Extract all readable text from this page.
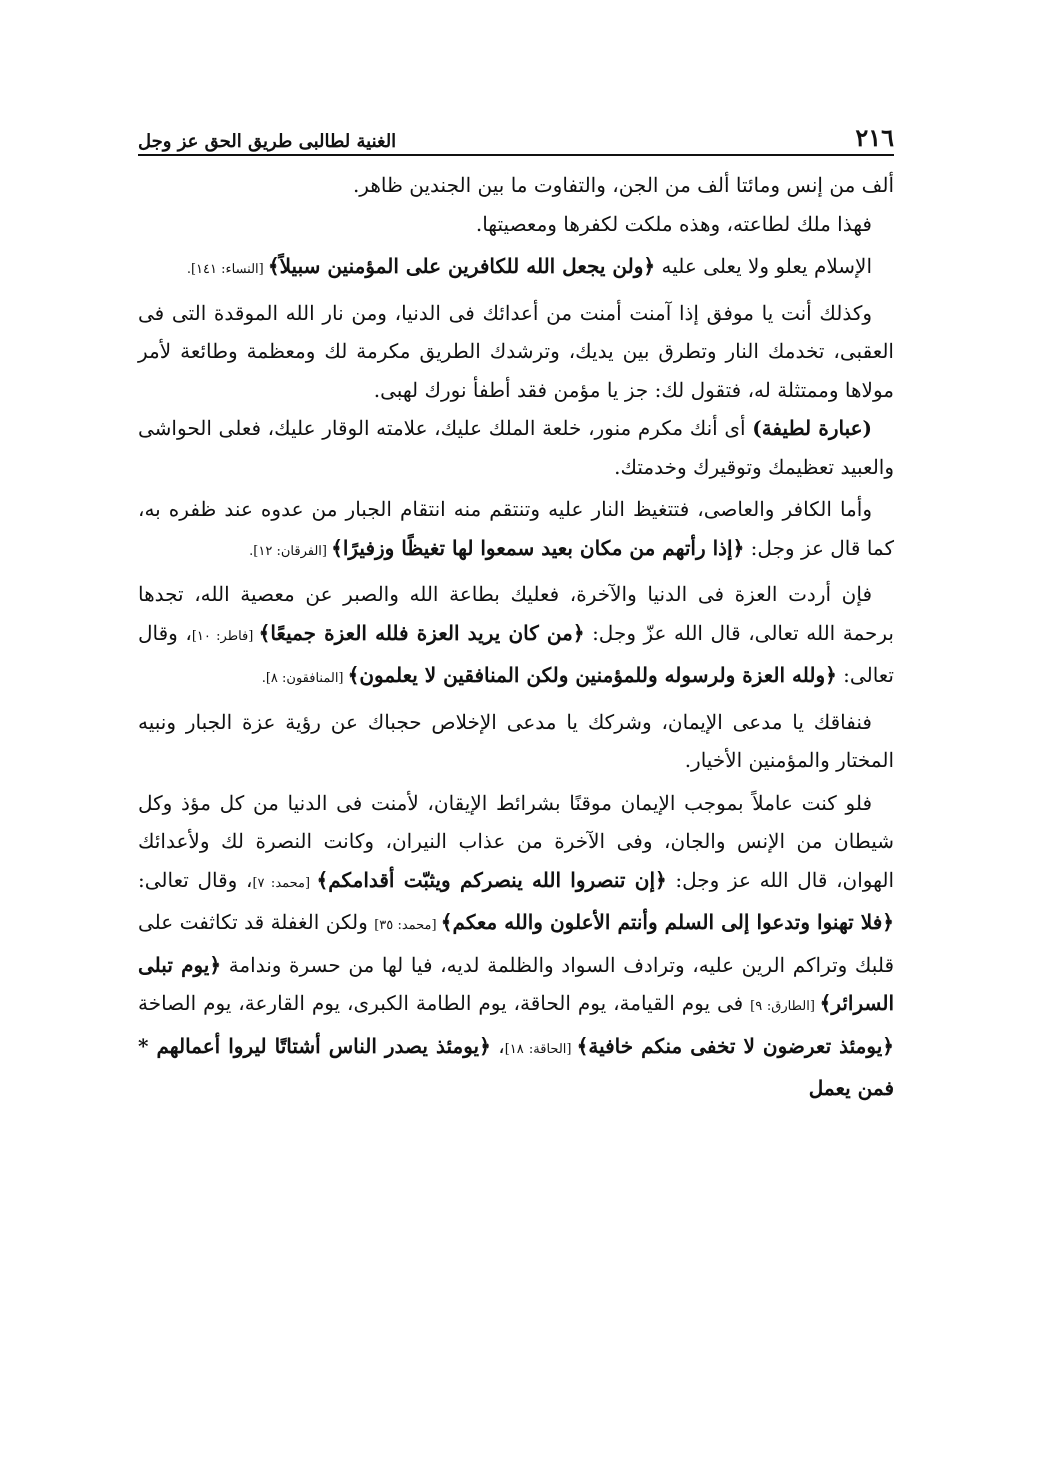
٢١٦
الغنية لطالبى طريق الحق عز وجل

ألف من إنس ومائتا ألف من الجن، والتفاوت ما بين الجندين ظاهر.

فهذا ملك لطاعته، وهذه ملكت لكفرها ومعصيتها.

الإسلام يعلو ولا يعلى عليه ﴿ولن يجعل الله للكافرين على المؤمنين سبيلاً﴾ [النساء: ١٤١].

وكذلك أنت يا موفق إذا آمنت أمنت من أعدائك فى الدنيا، ومن نار الله الموقدة التى فى العقبى، تخدمك النار وتطرق بين يديك، وترشدك الطريق مكرمة لك ومعظمة وطائعة لأمر مولاها وممتثلة له، فتقول لك: جز يا مؤمن فقد أطفأ نورك لهبى.

(عبارة لطيفة) أى أنك مكرم منور، خلعة الملك عليك، علامته الوقار عليك، فعلى الحواشى والعبيد تعظيمك وتوقيرك وخدمتك.

وأما الكافر والعاصى، فتتغيظ النار عليه وتنتقم منه انتقام الجبار من عدوه عند ظفره به، كما قال عز وجل: ﴿إذا رأتهم من مكان بعيد سمعوا لها تغيظًا وزفيرًا﴾ [الفرقان: ١٢].

فإن أردت العزة فى الدنيا والآخرة، فعليك بطاعة الله والصبر عن معصية الله، تجدها برحمة الله تعالى، قال الله عزّ وجل: ﴿من كان يريد العزة فلله العزة جميعًا﴾ [فاطر: ١٠]، وقال تعالى: ﴿ولله العزة ولرسوله وللمؤمنين ولكن المنافقين لا يعلمون﴾ [المنافقون: ٨].

فنفاقك يا مدعى الإيمان، وشركك يا مدعى الإخلاص حجباك عن رؤية عزة الجبار ونبيه المختار والمؤمنين الأخيار.

فلو كنت عاملاً بموجب الإيمان موقنًا بشرائط الإيقان، لأمنت فى الدنيا من كل مؤذ وكل شيطان من الإنس والجان، وفى الآخرة من عذاب النيران، وكانت النصرة لك ولأعدائك الهوان، قال الله عز وجل: ﴿إن تنصروا الله ينصركم ويثبّت أقدامكم﴾ [محمد: ٧]، وقال تعالى: ﴿فلا تهنوا وتدعوا إلى السلم وأنتم الأعلون والله معكم﴾ [محمد: ٣٥] ولكن الغفلة قد تكاثفت على قلبك وتراكم الرين عليه، وترادف السواد والظلمة لديه، فيا لها من حسرة وندامة ﴿يوم تبلى السرائر﴾ [الطارق: ٩] فى يوم القيامة، يوم الحاقة، يوم الطامة الكبرى، يوم القارعة، يوم الصاخة ﴿يومئذ تعرضون لا تخفى منكم خافية﴾ [الحاقة: ١٨]، ﴿يومئذ يصدر الناس أشتاتًا ليروا أعمالهم * فمن يعمل
